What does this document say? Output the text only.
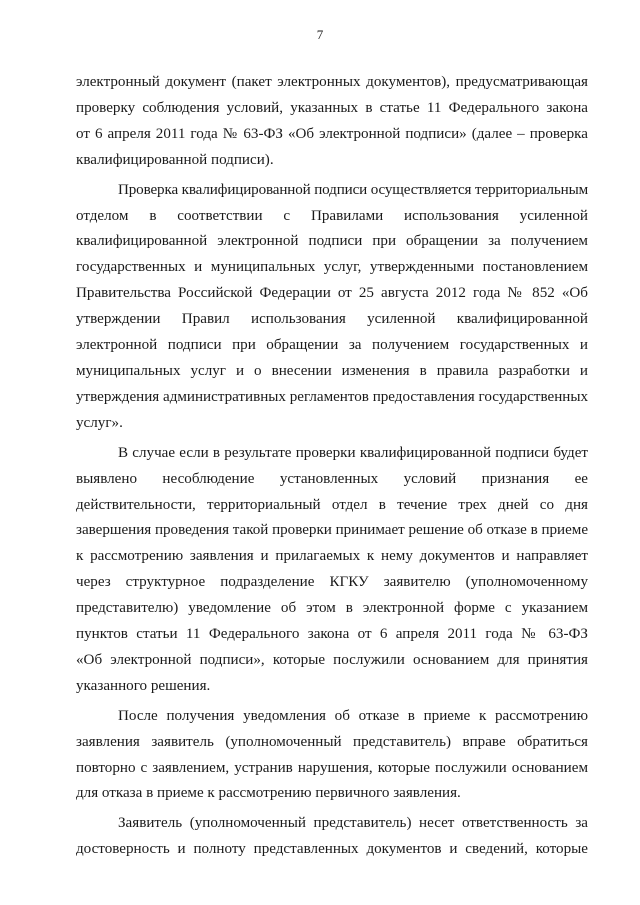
7

электронный документ (пакет электронных документов), предусматривающая
проверку соблюдения условий, указанных в статье 11 Федерального закона
от 6 апреля 2011 года № 63-ФЗ «Об электронной подписи» (далее – проверка
квалифицированной подписи).

Проверка квалифицированной подписи осуществляется территориальным
отделом в соответствии с Правилами использования усиленной
квалифицированной электронной подписи при обращении за получением
государственных и муниципальных услуг, утвержденными постановлением
Правительства Российской Федерации от 25 августа 2012 года № 852 «Об
утверждении Правил использования усиленной квалифицированной
электронной подписи при обращении за получением государственных и
муниципальных услуг и о внесении изменения в правила разработки и
утверждения административных регламентов предоставления государственных
услуг».

В случае если в результате проверки квалифицированной подписи будет
выявлено несоблюдение установленных условий признания ее
действительности, территориальный отдел в течение трех дней со дня
завершения проведения такой проверки принимает решение об отказе в приеме
к рассмотрению заявления и прилагаемых к нему документов и направляет
через структурное подразделение КГКУ заявителю (уполномоченному
представителю) уведомление об этом в электронной форме с указанием
пунктов статьи 11 Федерального закона от 6 апреля 2011 года № 63-ФЗ
«Об электронной подписи», которые послужили основанием для принятия
указанного решения.

После получения уведомления об отказе в приеме к рассмотрению
заявления заявитель (уполномоченный представитель) вправе обратиться
повторно с заявлением, устранив нарушения, которые послужили основанием
для отказа в приеме к рассмотрению первичного заявления.

Заявитель (уполномоченный представитель) несет ответственность за
достоверность и полноту представленных документов и сведений, которые
